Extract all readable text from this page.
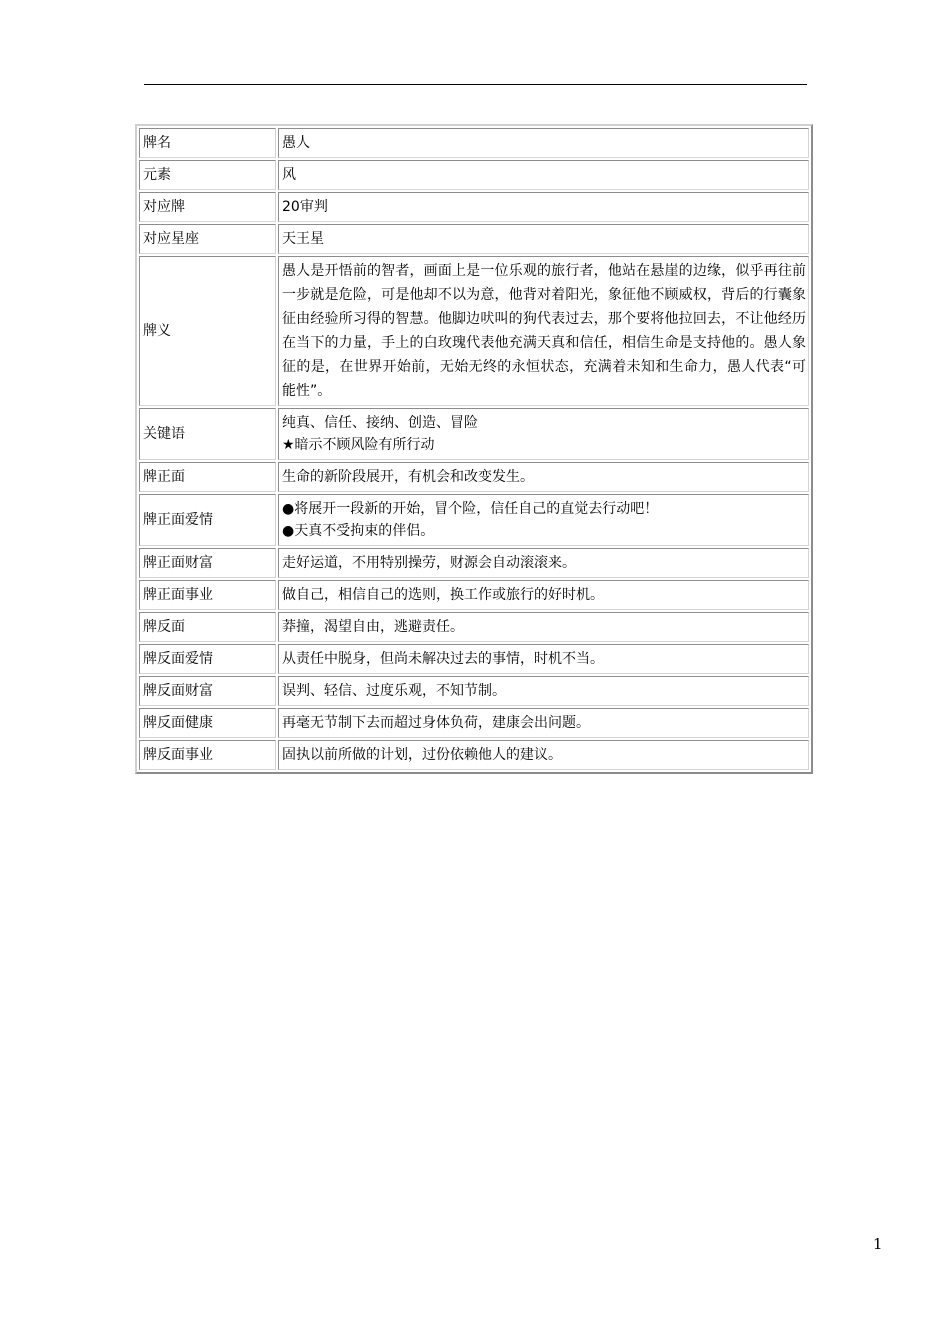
牌名	愚人
元素	风
对应牌	20审判
对应星座	天王星
牌义	愚人是开悟前的智者，画面上是一位乐观的旅行者，他站在悬崖的边缘，似乎再往前一步就是危险，可是他却不以为意，他背对着阳光，象征他不顾威权，背后的行囊象征由经验所习得的智慧。他脚边吠叫的狗代表过去，那个要将他拉回去，不让他经历在当下的力量，手上的白玫瑰代表他充满天真和信任，相信生命是支持他的。愚人象征的是，在世界开始前，无始无终的永恒状态，充满着未知和生命力，愚人代表“可能性”。
关键语	纯真、信任、接纳、创造、冒险
★暗示不顾风险有所行动

牌正面	生命的新阶段展开，有机会和改变发生。
牌正面爱情	●将展开一段新的开始，冒个险，信任自己的直觉去行动吧！
●天真不受拘束的伴侣。

牌正面财富	走好运道，不用特别操劳，财源会自动滚滚来。
牌正面事业	做自己，相信自己的选则，换工作或旅行的好时机。
牌反面	莽撞，渴望自由，逃避责任。
牌反面爱情	从责任中脱身，但尚未解决过去的事情，时机不当。
牌反面财富	误判、轻信、过度乐观，不知节制。
牌反面健康	再毫无节制下去而超过身体负荷，建康会出问题。
牌反面事业	固执以前所做的计划，过份依赖他人的建议。
1
